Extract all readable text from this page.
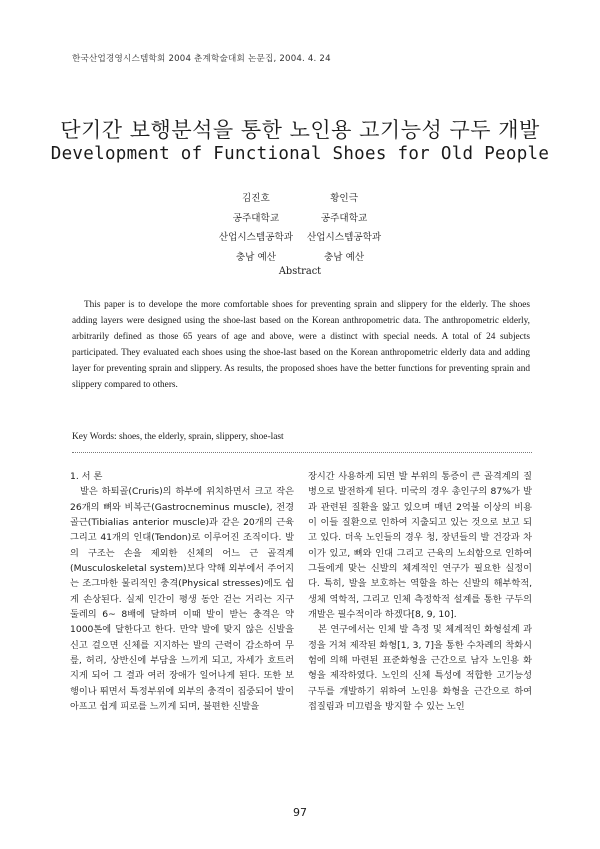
한국산업경영시스템학회 2004 춘계학술대회 논문집, 2004. 4. 24
단기간 보행분석을 통한 노인용 고기능성 구두 개발
Development of Functional Shoes for Old People
김진호
공주대학교
산업시스템공학과
충남 예산
황인극
공주대학교
산업시스템공학과
충남 예산
Abstract
This paper is to develope the more comfortable shoes for preventing sprain and slippery for the elderly. The shoes adding layers were designed using the shoe-last based on the Korean anthropometric data. The anthropometric elderly, arbitrarily defined as those 65 years of age and above, were a distinct with special needs. A total of 24 subjects participated. They evaluated each shoes using the shoe-last based on the Korean anthropometric elderly data and adding layer for preventing sprain and slippery. As results, the proposed shoes have the better functions for preventing sprain and slippery compared to others.
Key Words: shoes, the elderly, sprain, slippery, shoe-last

1. 서 론

발은 하퇴골(Cruris)의 하부에 위치하면서 크고 작은 26개의 뼈와 비복근(Gastrocneminus muscle), 전경골근(Tibialias anterior muscle)과 같은 20개의 근육 그리고 41개의 인대(Tendon)로 이루어진 조직이다. 발의 구조는 손을 제외한 신체의 어느 근 골격계(Musculoskeletal system)보다 약해 외부에서 주어지는 조그마한 물리적인 충격(Physical stresses)에도 쉽게 손상된다. 실제 인간이 평생 동안 걷는 거리는 지구 둘레의 6~ 8배에 달하며 이때 발이 받는 충격은 약 1000톤에 달한다고 한다. 만약 발에 맞지 않은 신발을 신고 걸으면 신체를 지지하는 발의 근력이 감소하여 무릎, 허리, 상반신에 부담을 느끼게 되고, 자세가 흐트러지게 되어 그 결과 여러 장애가 일어나게 된다. 또한 보행이나 뛰면서 특정부위에 외부의 충격이 집중되어 발이 아프고 쉽게 피로를 느끼게 되며, 불편한 신발을

장시간 사용하게 되면 발 부위의 통증이 큰 골격계의 질병으로 발전하게 된다. 미국의 경우 총인구의 87%가 발과 관련된 질환을 앓고 있으며 매년 2억불 이상의 비용이 이들 질환으로 인하여 지출되고 있는 것으로 보고 되고 있다. 더욱 노인들의 경우 청, 장년들의 발 건강과 차이가 있고, 뼈와 인대 그리고 근육의 노쇠함으로 인하여 그들에게 맞는 신발의 체계적인 연구가 필요한 실정이다. 특히, 발을 보호하는 역할을 하는 신발의 해부학적, 생체 역학적, 그리고 인체 측정학적 설계를 통한 구두의 개발은 필수적이라 하겠다[8, 9, 10].

본 연구에서는 인체 발 측정 및 체계적인 화형설계 과정을 거쳐 제작된 화형[1, 3, 7]을 통한 수차례의 착화시험에 의해 마련된 표준화형을 근간으로 남자 노인용 화형을 제작하였다. 노인의 신체 특성에 적합한 고기능성 구두를 개발하기 위하여 노인용 화형을 근간으로 하여 접질림과 미끄럼을 방지할 수 있는 노인

97
